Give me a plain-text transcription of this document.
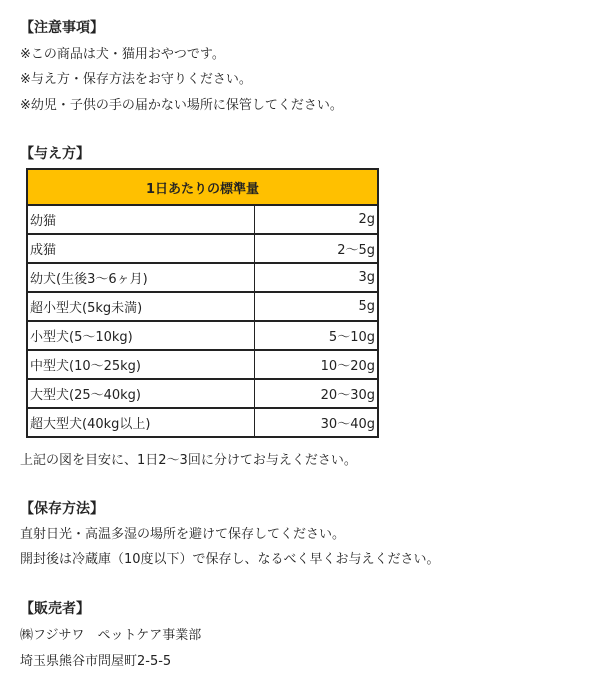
【注意事項】
※この商品は犬・猫用おやつです。
※与え方・保存方法をお守りください。
※幼児・子供の手の届かない場所に保管してください。
【与え方】
1日あたりの標準量	
幼猫	2g
成猫	2～5g
幼犬(生後3～6ヶ月)	3g
超小型犬(5kg未満)	5g
小型犬(5～10kg)	5～10g
中型犬(10～25kg)	10～20g
大型犬(25～40kg)	20～30g
超大型犬(40kg以上)	30～40g
上記の図を目安に、1日2～3回に分けてお与えください。
【保存方法】
直射日光・高温多湿の場所を避けて保存してください。
開封後は冷蔵庫（10度以下）で保存し、なるべく早くお与えください。
【販売者】
㈱フジサワ　ペットケア事業部
埼玉県熊谷市問屋町2-5-5
